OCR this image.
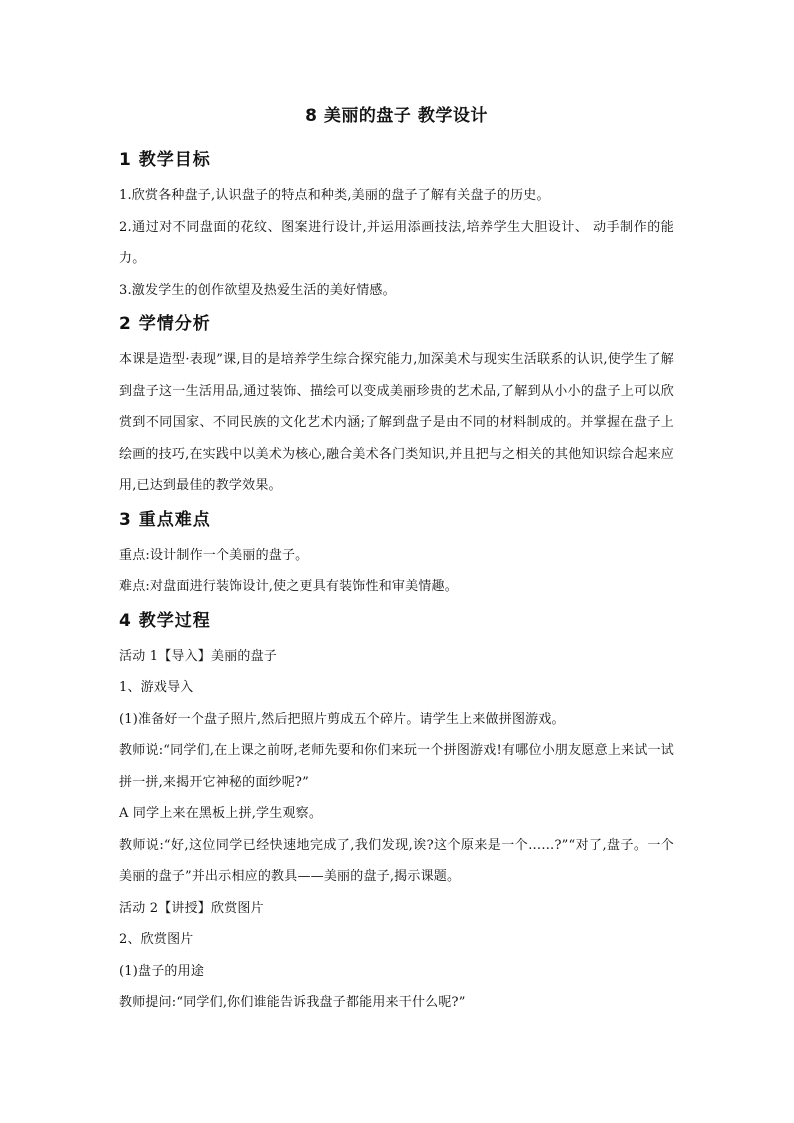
8 美丽的盘子 教学设计
1 教学目标

1.欣赏各种盘子,认识盘子的特点和种类,美丽的盘子了解有关盘子的历史。

2.通过对不同盘面的花纹、图案进行设计,并运用添画技法,培养学生大胆设计、 动手制作的能力。

3.激发学生的创作欲望及热爱生活的美好情感。

2 学情分析

本课是造型·表现”课,目的是培养学生综合探究能力,加深美术与现实生活联系的认识,使学生了解到盘子这一生活用品,通过装饰、描绘可以变成美丽珍贵的艺术品,了解到从小小的盘子上可以欣赏到不同国家、不同民族的文化艺术内涵;了解到盘子是由不同的材料制成的。并掌握在盘子上绘画的技巧,在实践中以美术为核心,融合美术各门类知识,并且把与之相关的其他知识综合起来应用,已达到最佳的教学效果。

3 重点难点

重点:设计制作一个美丽的盘子。

难点:对盘面进行装饰设计,使之更具有装饰性和审美情趣。

4 教学过程

活动 1【导入】美丽的盘子

1、游戏导入

(1)准备好一个盘子照片,然后把照片剪成五个碎片。请学生上来做拼图游戏。

教师说:“同学们,在上课之前呀,老师先要和你们来玩一个拼图游戏!有哪位小朋友愿意上来试一试拼一拼,来揭开它神秘的面纱呢?”

A 同学上来在黑板上拼,学生观察。

教师说:“好,这位同学已经快速地完成了,我们发现,诶?这个原来是一个……?”“对了,盘子。一个美丽的盘子”并出示相应的教具——美丽的盘子,揭示课题。

活动 2【讲授】欣赏图片

2、欣赏图片

(1)盘子的用途

教师提问:“同学们,你们谁能告诉我盘子都能用来干什么呢?”
